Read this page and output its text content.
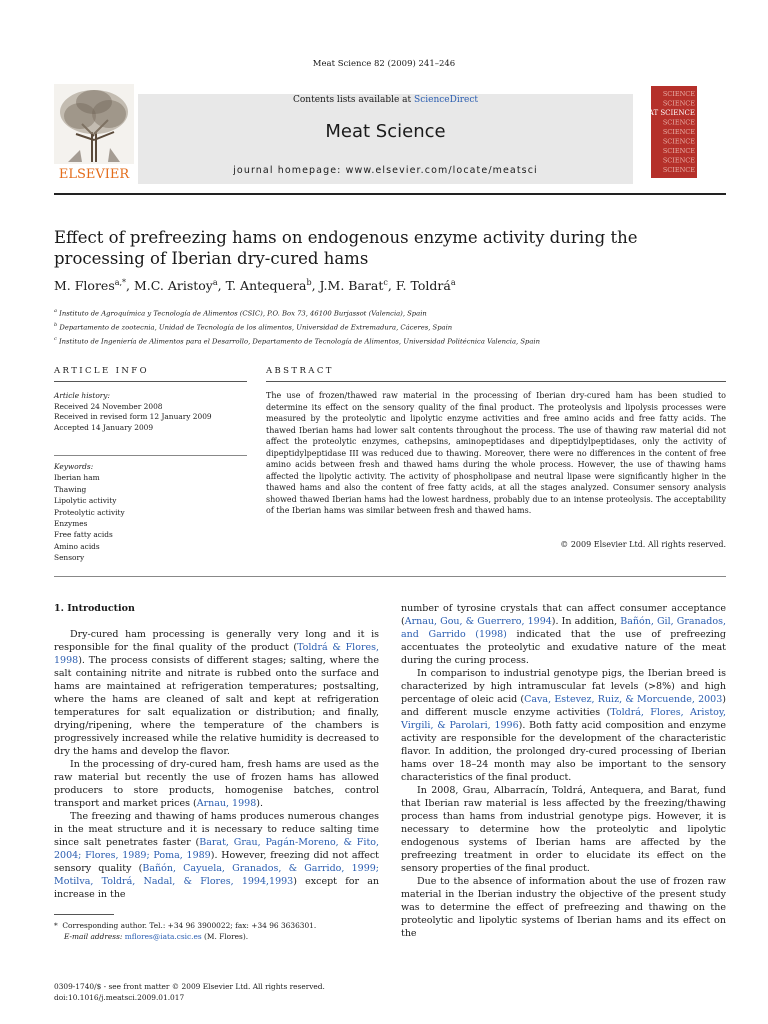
Meat Science 82 (2009) 241–246
ELSEVIER
Contents lists available at ScienceDirect
Meat Science
journal homepage: www.elsevier.com/locate/meatsci
SCIENCE
SCIENCE
MEAT SCIENCE
SCIENCE
SCIENCE
SCIENCE
SCIENCE
SCIENCE
SCIENCE
Effect of prefreezing hams on endogenous enzyme activity during the processing of Iberian dry-cured hams
M. Flores$^{a,*}$, M.C. Aristoy$^a$, T. Antequera$^b$, J.M. Barat$^c$, F. Toldrá$^a$
$^a$ Instituto de Agroquímica y Tecnología de Alimentos (CSIC), P.O. Box 73, 46100 Burjassot (Valencia), Spain
$^b$ Departamento de zootecnia, Unidad de Tecnología de los alimentos, Universidad de Extremadura, Cáceres, Spain
$^c$ Instituto de Ingeniería de Alimentos para el Desarrollo, Departamento de Tecnología de Alimentos, Universidad Politécnica Valencia, Spain
ARTICLE INFO	ABSTRACT
Article history:
Received 24 November 2008
Received in revised form 12 January 2009
Accepted 14 January 2009
Keywords:
Iberian ham
Thawing
Lipolytic activity
Proteolytic activity
Enzymes
Free fatty acids
Amino acids
Sensory
The use of frozen/thawed raw material in the processing of Iberian dry-cured ham has been studied to determine its effect on the sensory quality of the final product. The proteolysis and lipolysis processes were measured by the proteolytic and lipolytic enzyme activities and free amino acids and free fatty acids. The thawed Iberian hams had lower salt contents throughout the process. The use of thawing raw material did not affect the proteolytic enzymes, cathepsins, aminopeptidases and dipeptidylpeptidases, only the activity of dipeptidylpeptidase III was reduced due to thawing. Moreover, there were no differences in the content of free amino acids between fresh and thawed hams during the whole process. However, the use of thawing hams affected the lipolytic activity. The activity of phospholipase and neutral lipase were significantly higher in the thawed hams and also the content of free fatty acids, at all the stages analyzed. Consumer sensory analysis showed thawed Iberian hams had the lowest hardness, probably due to an intense proteolysis. The acceptability of the Iberian hams was similar between fresh and thawed hams.
© 2009 Elsevier Ltd. All rights reserved.
1. Introduction

Dry-cured ham processing is generally very long and it is responsible for the final quality of the product (Toldrá & Flores, 1998). The process consists of different stages; salting, where the salt containing nitrite and nitrate is rubbed onto the surface and hams are maintained at refrigeration temperatures; postsalting, where the hams are cleaned of salt and kept at refrigeration temperatures for salt equalization or distribution; and finally, drying/ripening, where the temperature of the chambers is progressively increased while the relative humidity is decreased to dry the hams and develop the flavor.

In the processing of dry-cured ham, fresh hams are used as the raw material but recently the use of frozen hams has allowed producers to store products, homogenise batches, control transport and market prices (Arnau, 1998).

The freezing and thawing of hams produces numerous changes in the meat structure and it is necessary to reduce salting time since salt penetrates faster (Barat, Grau, Pagán-Moreno, & Fito, 2004; Flores, 1989; Poma, 1989). However, freezing did not affect sensory quality (Bañón, Cayuela, Granados, & Garrido, 1999; Motilva, Toldrá, Nadal, & Flores, 1994,1993) except for an increase in the

number of tyrosine crystals that can affect consumer acceptance (Arnau, Gou, & Guerrero, 1994). In addition, Bañón, Gil, Granados, and Garrido (1998) indicated that the use of prefreezing accentuates the proteolytic and exudative nature of the meat during the curing process.

In comparison to industrial genotype pigs, the Iberian breed is characterized by high intramuscular fat levels (>8%) and high percentage of oleic acid (Cava, Estevez, Ruiz, & Morcuende, 2003) and different muscle enzyme activities (Toldrá, Flores, Aristoy, Virgili, & Parolari, 1996). Both fatty acid composition and enzyme activity are responsible for the development of the characteristic flavor. In addition, the prolonged dry-cured processing of Iberian hams over 18–24 month may also be important to the sensory characteristics of the final product.

In 2008, Grau, Albarracín, Toldrá, Antequera, and Barat, fund that Iberian raw material is less affected by the freezing/thawing process than hams from industrial genotype pigs. However, it is necessary to determine how the proteolytic and lipolytic endogenous systems of Iberian hams are affected by the prefreezing treatment in order to elucidate its effect on the sensory properties of the final product.

Due to the absence of information about the use of frozen raw material in the Iberian industry the objective of the present study was to determine the effect of prefreezing and thawing on the proteolytic and lipolytic systems of Iberian hams and its effect on the

* Corresponding author. Tel.: +34 96 3900022; fax: +34 96 3636301.
E-mail address: mflores@iata.csic.es (M. Flores).
0309-1740/$ - see front matter © 2009 Elsevier Ltd. All rights reserved.
doi:10.1016/j.meatsci.2009.01.017
